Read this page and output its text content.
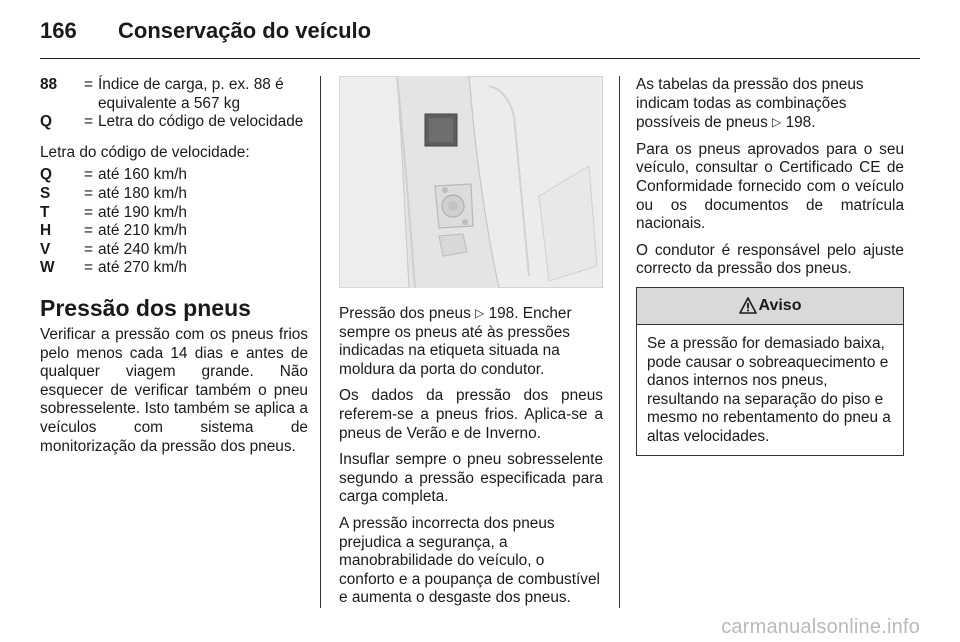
166 Conservação do veículo
88	= Índice de carga, p. ex. 88 é equivalente a 567 kg
Q	= Letra do código de velocidade

Letra do código de velocidade:

Q	= até 160 km/h
S	= até 180 km/h
T	= até 190 km/h
H	= até 210 km/h
V	= até 240 km/h
W	= até 270 km/h
Pressão dos pneus

Verificar a pressão com os pneus frios pelo menos cada 14 dias e antes de qualquer viagem grande. Não esquecer de verificar também o pneu sobresselente. Isto também se aplica a veículos com sistema de monitorização da pressão dos pneus.

Pressão dos pneus ▷ 198. Encher sempre os pneus até às pressões indicadas na etiqueta situada na moldura da porta do condutor.

Os dados da pressão dos pneus referem-se a pneus frios. Aplica-se a pneus de Verão e de Inverno.

Insuflar sempre o pneu sobresselente segundo a pressão especificada para carga completa.

A pressão incorrecta dos pneus prejudica a segurança, a manobrabilidade do veículo, o conforto e a poupança de combustível e aumenta o desgaste dos pneus.

As tabelas da pressão dos pneus indicam todas as combinações possíveis de pneus ▷ 198.

Para os pneus aprovados para o seu veículo, consultar o Certificado CE de Conformidade fornecido com o veículo ou os documentos de matrícula nacionais.

O condutor é responsável pelo ajuste correcto da pressão dos pneus.

Aviso
Se a pressão for demasiado baixa, pode causar o sobreaquecimento e danos internos nos pneus, resultando na separação do piso e mesmo no rebentamento do pneu a altas velocidades.
carmanualsonline.info
